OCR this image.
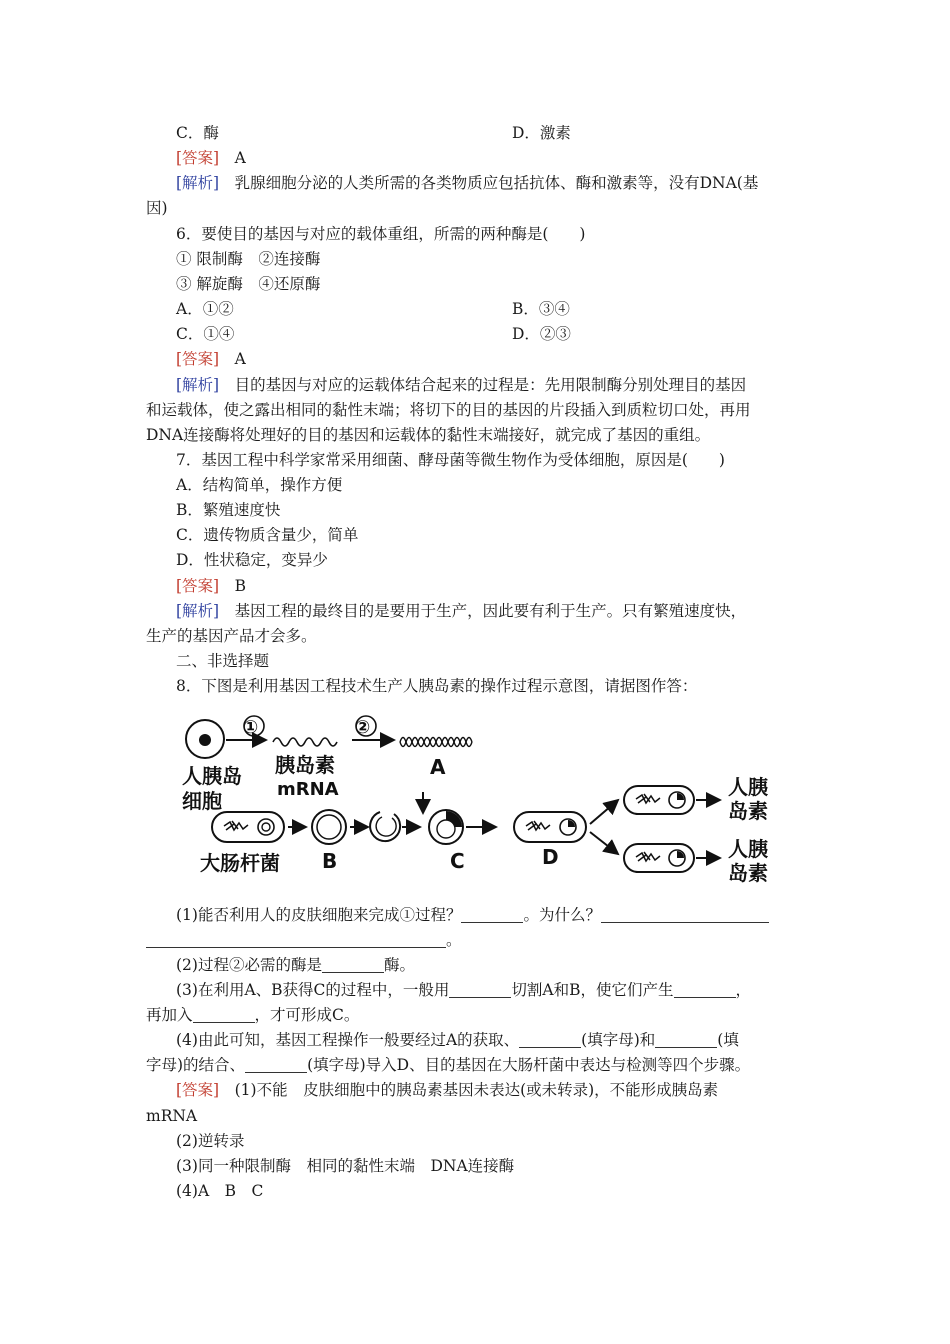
C．酶	D．激素
[答案]　 A
[解析]　 乳腺细胞分泌的人类所需的各类物质应包括抗体、酶和激素等，没有DNA(基
因)
6．要使目的基因与对应的载体重组，所需的两种酶是(　　)
① 限制酶　②连接酶
③ 解旋酶　④还原酶
A．①②	B．③④
C．①④	D．②③
[答案]　 A
[解析]　 目的基因与对应的运载体结合起来的过程是：先用限制酶分别处理目的基因
和运载体，使之露出相同的黏性末端；将切下的目的基因的片段插入到质粒切口处，再用
DNA连接酶将处理好的目的基因和运载体的黏性末端接好，就完成了基因的重组。
7．基因工程中科学家常采用细菌、酵母菌等微生物作为受体细胞，原因是(　　)
A．结构简单，操作方便
B．繁殖速度快
C．遗传物质含量少，简单
D．性状稳定，变异少
[答案]　 B
[解析]　 基因工程的最终目的是要用于生产，因此要有利于生产。只有繁殖速度快，
生产的基因产品才会多。
二、非选择题
8．下图是利用基因工程技术生产人胰岛素的操作过程示意图，请据图作答：
人胰岛
细胞
①
胰岛素
mRNA
②
A
大肠杆菌 B	C	D
人胰
岛素
人胰
岛素
(1)能否利用人的皮肤细胞来完成①过程？	。为什么？
。
(2)过程②必需的酶是	酶。
(3)在利用A、B获得C的过程中，一般用	切割A和B，使它们产生	，
再加入	，才可形成C。
(4)由此可知，基因工程操作一般要经过A的获取、	(填字母)和	(填
字母)的结合、	(填字母)导入D、目的基因在大肠杆菌中表达与检测等四个步骤。
[答案]　 (1)不能　皮肤细胞中的胰岛素基因未表达(或未转录)，不能形成胰岛素
mRNA
(2)逆转录
(3)同一种限制酶　相同的黏性末端　DNA连接酶
(4)A　B　C
